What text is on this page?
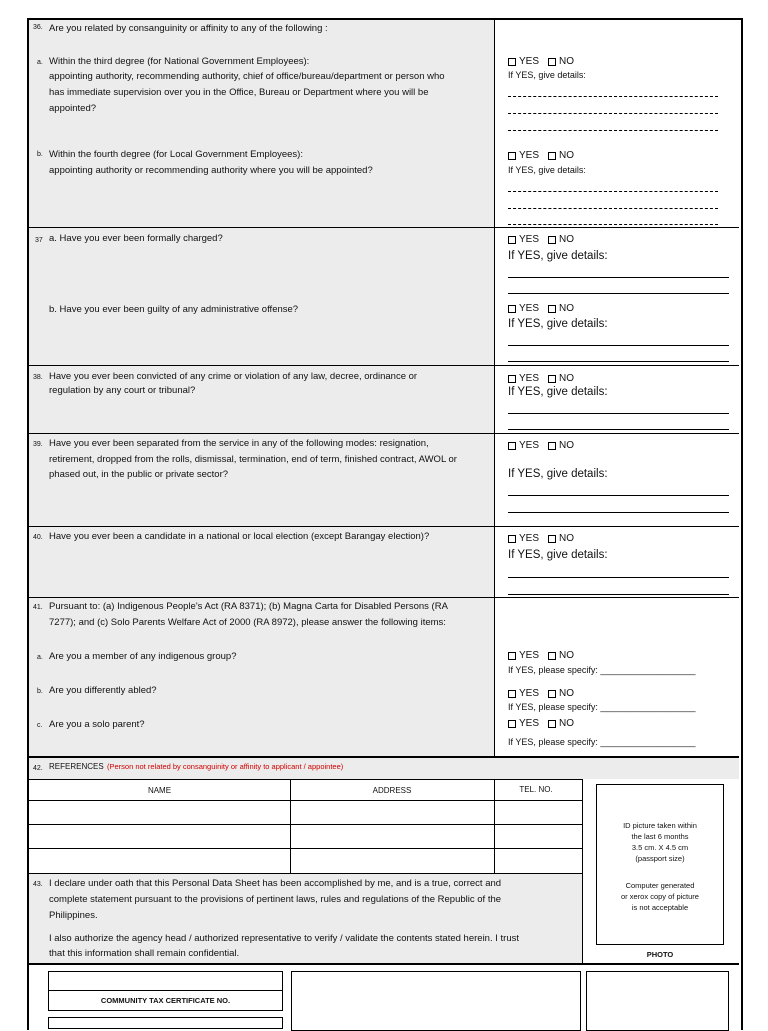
36. Are you related by consanguinity or affinity to any of the following :
a. Within the third degree (for National Government Employees):
appointing authority, recommending authority, chief of office/bureau/department or person who
has immediate supervision over you in the Office, Bureau or Department where you will be
appointed?
b. Within the fourth degree (for Local Government Employees):
appointing authority or recommending authority where you will be appointed?
YES NO
If YES, give details:
YES NO
If YES, give details:
37 a. Have you ever been formally charged?
b. Have you ever been guilty of any administrative offense?
YES NO
If YES, give details:
YES NO
If YES, give details:
38. Have you ever been convicted of any crime or violation of any law, decree, ordinance or
regulation by any court or tribunal?
YES NO
If YES, give details:
39. Have you ever been separated from the service in any of the following modes: resignation,
retirement, dropped from the rolls, dismissal, termination, end of term, finished contract, AWOL or
phased out, in the public or private sector?
YES NO
If YES, give details:
40. Have you ever been a candidate in a national or local election (except Barangay election)?	YES NO
If YES, give details:
41. Pursuant to: (a) Indigenous People's Act (RA 8371); (b) Magna Carta for Disabled Persons (RA
7277); and (c) Solo Parents Welfare Act of 2000 (RA 8972), please answer the following items:
a. Are you a member of any indigenous group?
b. Are you differently abled?
c. Are you a solo parent?
YES NO
If YES, please specify: ___________________
YES NO
If YES, please specify: ___________________
YES NO
If YES, please specify: ___________________
42. REFERENCES (Person not related by consanguinity or affinity to applicant / appointee)
NAME	ADDRESS	TEL. NO.
ID picture taken within
the last 6 months
3.5 cm. X 4.5 cm
(passport size)
Computer generated
or xerox copy of picture
is not acceptable
PHOTO
43. I declare under oath that this Personal Data Sheet has been accomplished by me, and is a true, correct and
complete statement pursuant to the provisions of pertinent laws, rules and regulations of the Republic of the
Philippines.
I also authorize the agency head / authorized representative to verify / validate the contents stated herein. I trust
that this information shall remain confidential.
COMMUNITY TAX CERTIFICATE NO.
